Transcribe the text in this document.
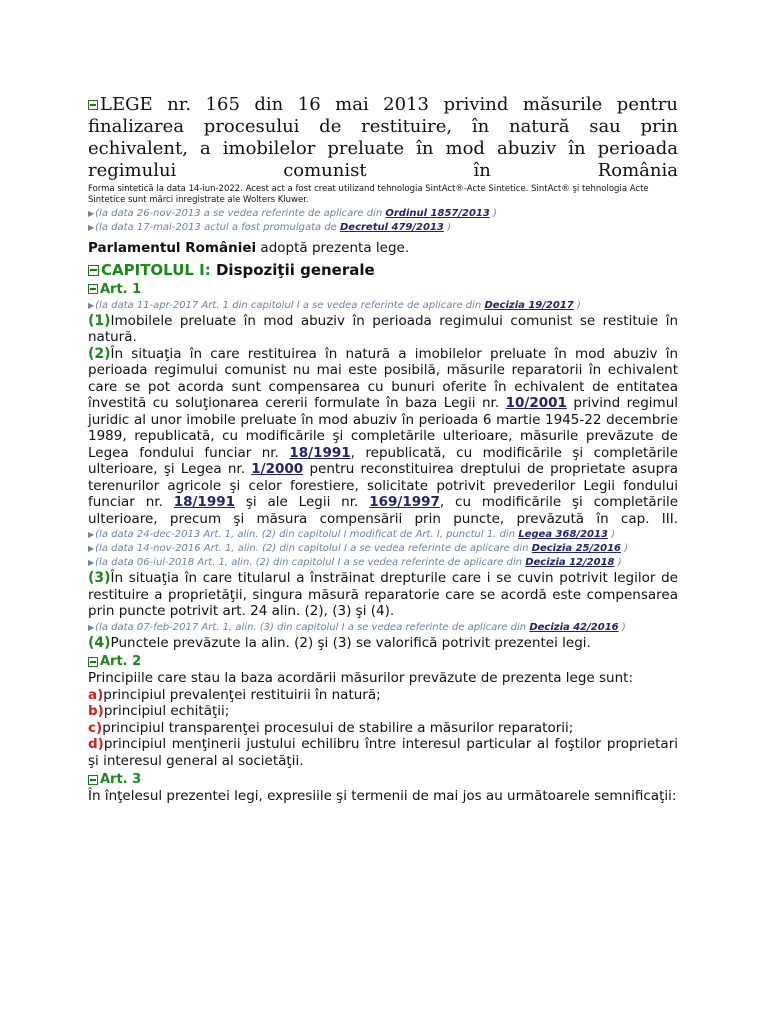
LEGE nr. 165 din 16 mai 2013 privind măsurile pentru finalizarea procesului de restituire, în natură sau prin echivalent, a imobilelor preluate în mod abuziv în perioada regimului comunist în România

Forma sintetică la data 14-iun-2022. Acest act a fost creat utilizand tehnologia SintAct®-Acte Sintetice. SintAct® şi tehnologia Acte Sintetice sunt mărci inregistrate ale Wolters Kluwer.

▶(la data 26-nov-2013 a se vedea referinte de aplicare din Ordinul 1857/2013 )

▶(la data 17-mai-2013 actul a fost promulgata de Decretul 479/2013 )

Parlamentul României adoptă prezenta lege.

CAPITOLUL I: Dispoziţii generale

Art. 1

▶(la data 11-apr-2017 Art. 1 din capitolul I a se vedea referinte de aplicare din Decizia 19/2017 )

(1)Imobilele preluate în mod abuziv în perioada regimului comunist se restituie în natură.

(2)În situaţia în care restituirea în natură a imobilelor preluate în mod abuziv în perioada regimului comunist nu mai este posibilă, măsurile reparatorii în echivalent care se pot acorda sunt compensarea cu bunuri oferite în echivalent de entitatea învestită cu soluţionarea cererii formulate în baza Legii nr. 10/2001 privind regimul juridic al unor imobile preluate în mod abuziv în perioada 6 martie 1945-22 decembrie 1989, republicată, cu modificările şi completările ulterioare, măsurile prevăzute de Legea fondului funciar nr. 18/1991, republicată, cu modificările şi completările ulterioare, şi Legea nr. 1/2000 pentru reconstituirea dreptului de proprietate asupra terenurilor agricole şi celor forestiere, solicitate potrivit prevederilor Legii fondului funciar nr. 18/1991 şi ale Legii nr. 169/1997, cu modificările şi completările ulterioare, precum şi măsura compensării prin puncte, prevăzută în cap. III.

▶(la data 24-dec-2013 Art. 1, alin. (2) din capitolul I modificat de Art. I, punctul 1. din Legea 368/2013 )

▶(la data 14-nov-2016 Art. 1, alin. (2) din capitolul I a se vedea referinte de aplicare din Decizia 25/2016 )

▶(la data 06-iul-2018 Art. 1, alin. (2) din capitolul I a se vedea referinte de aplicare din Decizia 12/2018 )

(3)În situaţia în care titularul a înstrăinat drepturile care i se cuvin potrivit legilor de restituire a proprietăţii, singura măsură reparatorie care se acordă este compensarea prin puncte potrivit art. 24 alin. (2), (3) şi (4).

▶(la data 07-feb-2017 Art. 1, alin. (3) din capitolul I a se vedea referinte de aplicare din Decizia 42/2016 )

(4)Punctele prevăzute la alin. (2) şi (3) se valorifică potrivit prezentei legi.

Art. 2

Principiile care stau la baza acordării măsurilor prevăzute de prezenta lege sunt:

a)principiul prevalenţei restituirii în natură;

b)principiul echităţii;

c)principiul transparenţei procesului de stabilire a măsurilor reparatorii;

d)principiul menţinerii justului echilibru între interesul particular al foştilor proprietari şi interesul general al societăţii.

Art. 3

În înţelesul prezentei legi, expresiile şi termenii de mai jos au următoarele semnificaţii:
